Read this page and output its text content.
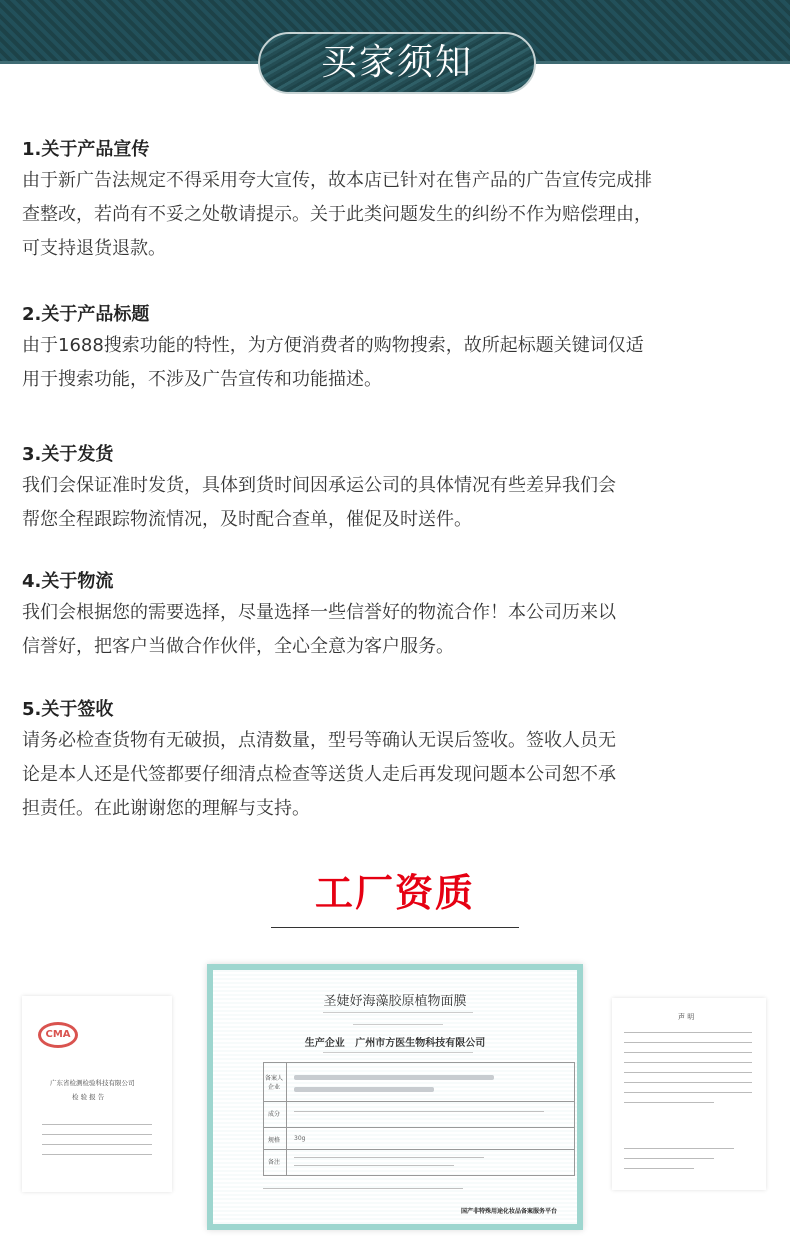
买家须知
1.关于产品宣传

由于新广告法规定不得采用夸大宣传，故本店已针对在售产品的广告宣传完成排

查整改，若尚有不妥之处敬请提示。关于此类问题发生的纠纷不作为赔偿理由，

可支持退货退款。

2.关于产品标题

由于1688搜索功能的特性，为方便消费者的购物搜索，故所起标题关键词仅适

用于搜索功能，不涉及广告宣传和功能描述。

3.关于发货

我们会保证准时发货，具体到货时间因承运公司的具体情况有些差异我们会

帮您全程跟踪物流情况，及时配合查单，催促及时送件。

4.关于物流

我们会根据您的需要选择，尽量选择一些信誉好的物流合作！本公司历来以

信誉好，把客户当做合作伙伴，全心全意为客户服务。

5.关于签收

请务必检查货物有无破损，点清数量，型号等确认无误后签收。签收人员无

论是本人还是代签都要仔细清点检查等送货人走后再发现问题本公司恕不承

担责任。在此谢谢您的理解与支持。

工厂资质
CMA
广东省检测检验科技有限公司
检 验 报 告
声 明
圣婕妤海藻胶原植物面膜
生产企业 广州市方医生物科技有限公司
备案人企业
成分
规格	30g
备注
国产非特殊用途化妆品备案服务平台
